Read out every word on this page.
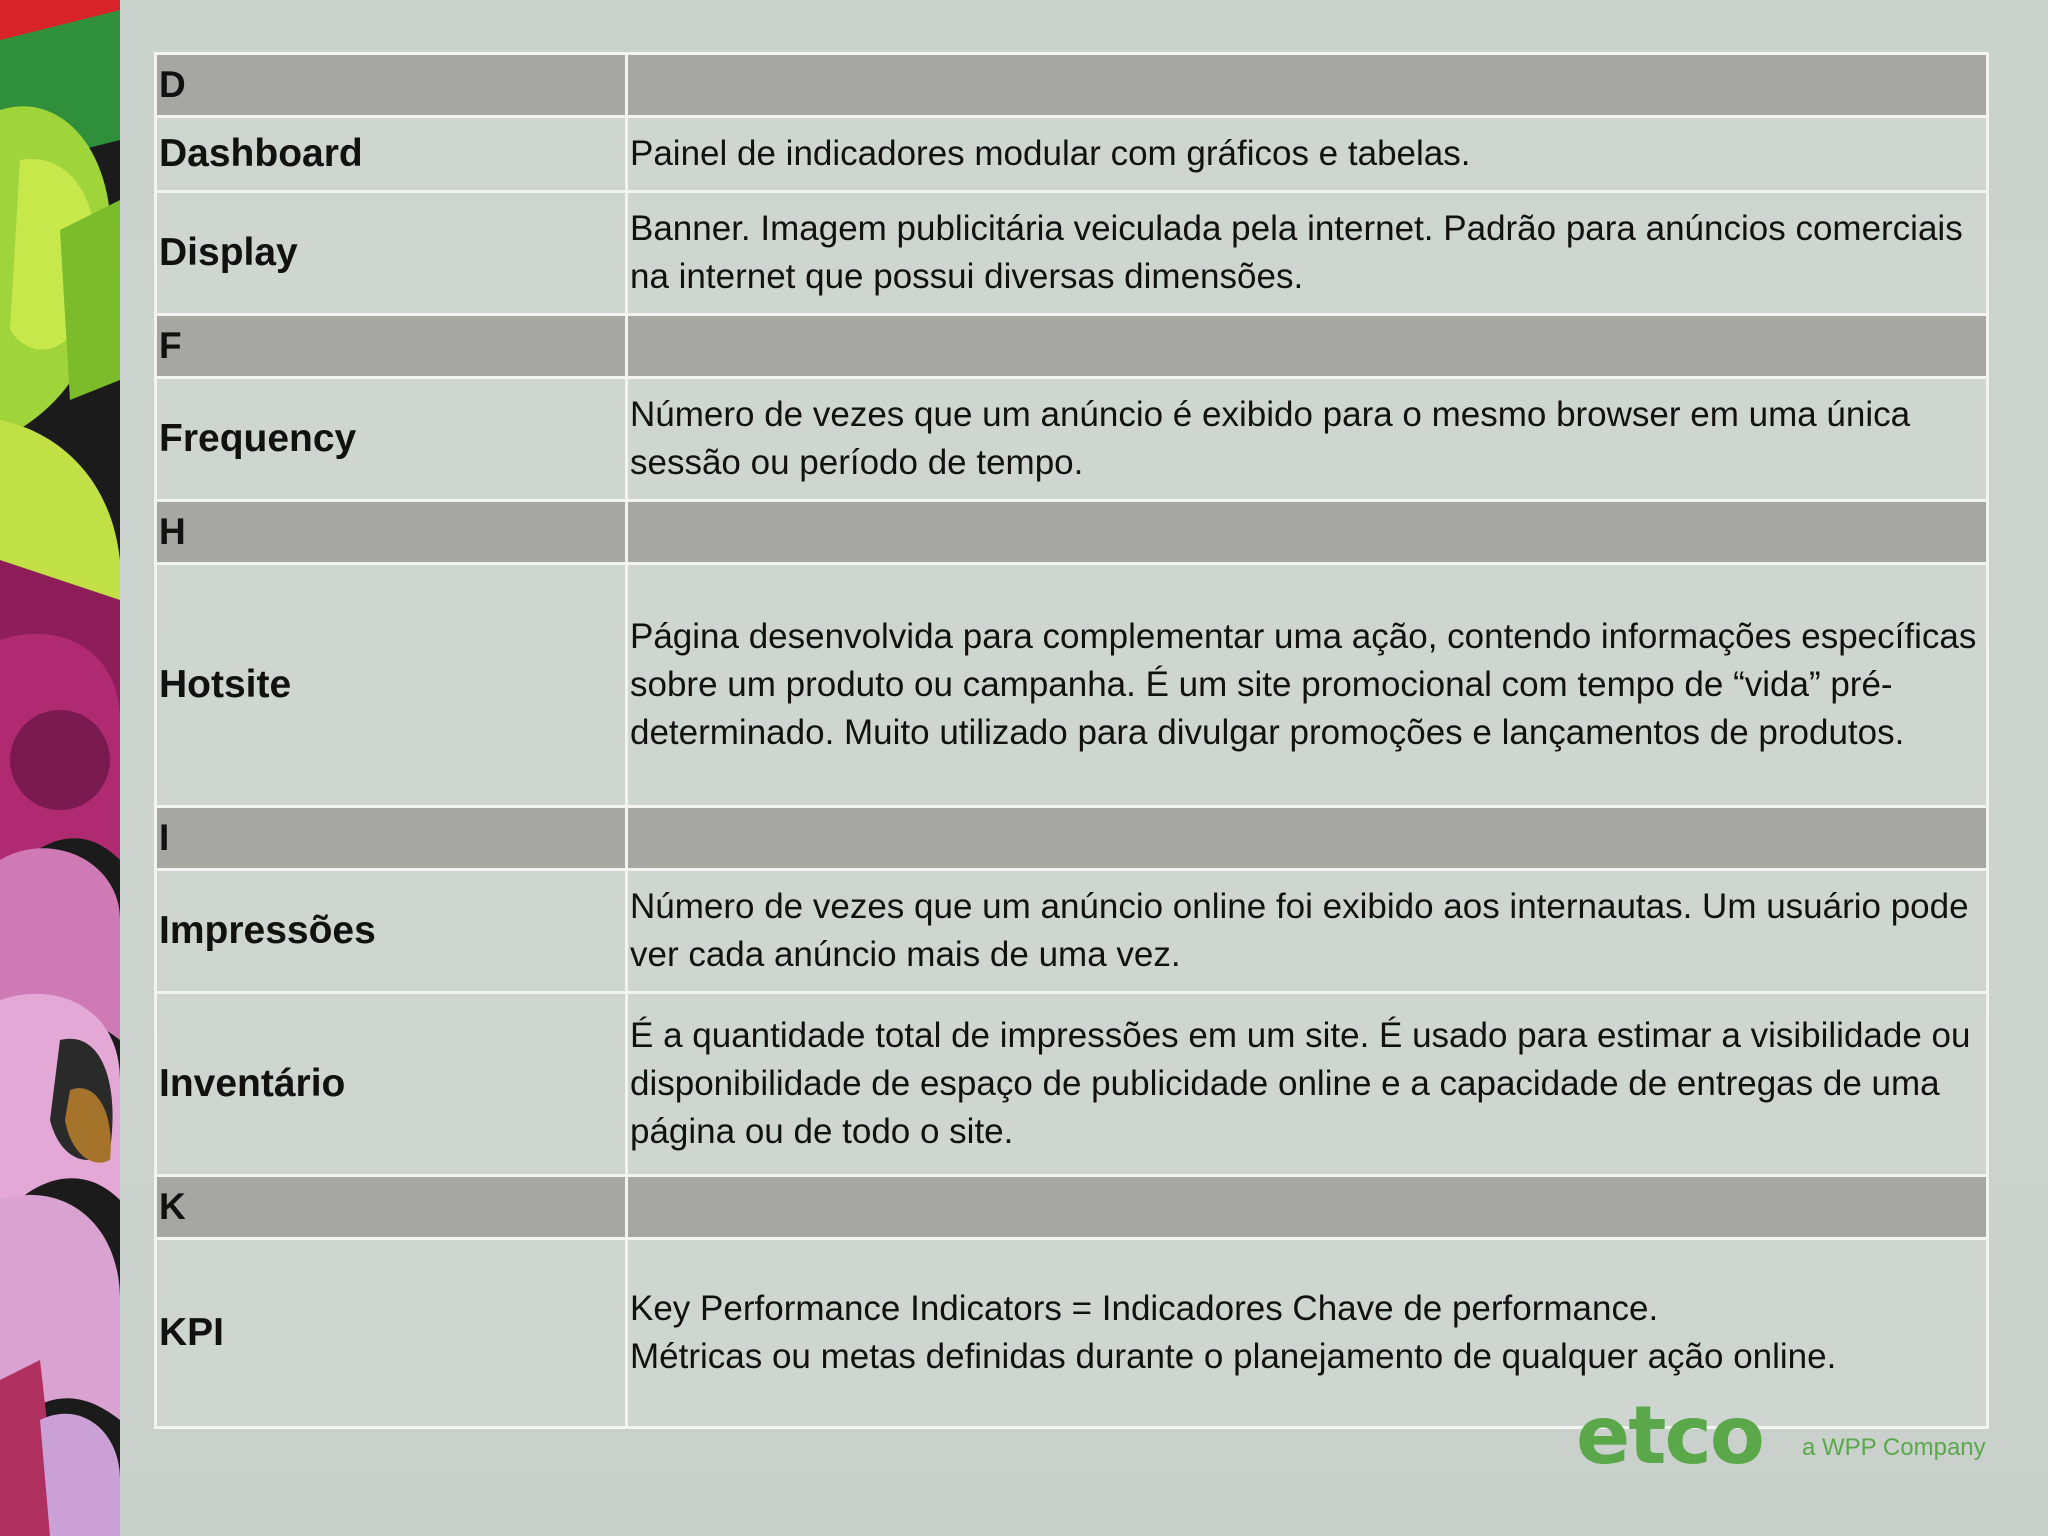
D	
Dashboard	Painel de indicadores modular com gráficos e tabelas.
Display	Banner. Imagem publicitária veiculada pela internet. Padrão para anúncios comerciais na internet que possui diversas dimensões.
F	
Frequency	Número de vezes que um anúncio é exibido para o mesmo browser em uma única sessão ou período de tempo.
H	
Hotsite	Página desenvolvida para complementar uma ação, contendo informações específicas sobre um produto ou campanha. É um site promocional com tempo de “vida” pré-determinado. Muito utilizado para divulgar promoções e lançamentos de produtos.
I	
Impressões	Número de vezes que um anúncio online foi exibido aos internautas. Um usuário pode ver cada anúncio mais de uma vez.
Inventário	É a quantidade total de impressões em um site. É usado para estimar a visibilidade ou disponibilidade de espaço de publicidade online e a capacidade de entregas de uma página ou de todo o site.
K	
KPI	Key Performance Indicators = Indicadores Chave de performance.
Métricas ou metas definidas durante o planejamento de qualquer ação online.
etco a WPP Company
